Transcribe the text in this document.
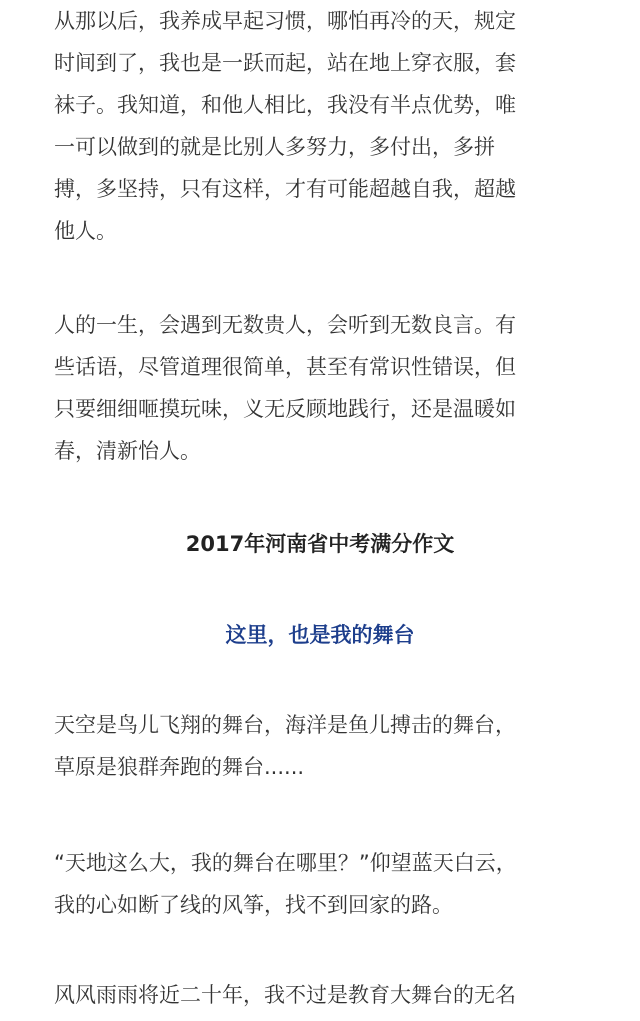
从那以后，我养成早起习惯，哪怕再冷的天，规定
时间到了，我也是一跃而起，站在地上穿衣服，套
袜子。我知道，和他人相比，我没有半点优势，唯
一可以做到的就是比别人多努力，多付出，多拼
搏，多坚持，只有这样，才有可能超越自我，超越
他人。

人的一生，会遇到无数贵人，会听到无数良言。有
些话语，尽管道理很简单，甚至有常识性错误，但
只要细细咂摸玩味，义无反顾地践行，还是温暖如
春，清新怡人。

2017年河南省中考满分作文
这里，也是我的舞台

天空是鸟儿飞翔的舞台，海洋是鱼儿搏击的舞台，
草原是狼群奔跑的舞台......

“天地这么大，我的舞台在哪里？”仰望蓝天白云，
我的心如断了线的风筝，找不到回家的路。

风风雨雨将近二十年，我不过是教育大舞台的无名
